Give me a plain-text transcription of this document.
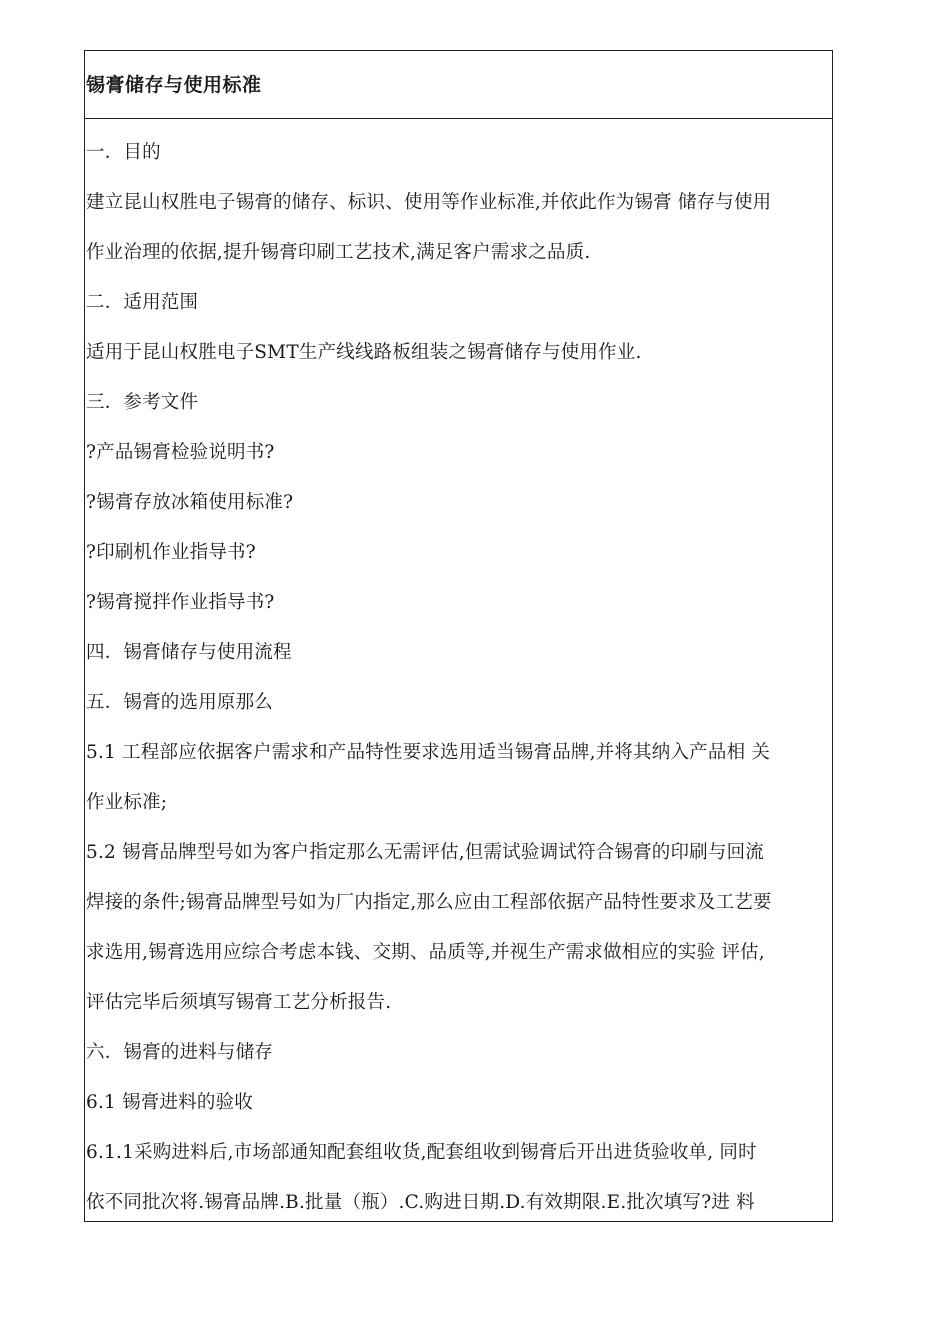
锡膏储存与使用标准
一．目的
建立昆山权胜电子锡膏的储存、标识、使用等作业标准,并依此作为锡膏 储存与使用
作业治理的依据,提升锡膏印刷工艺技术,满足客户需求之品质.
二．适用范围
适用于昆山权胜电子SMT生产线线路板组装之锡膏储存与使用作业.
三．参考文件
?产品锡膏检验说明书?
?锡膏存放冰箱使用标准?
?印刷机作业指导书?
?锡膏搅拌作业指导书?
四．锡膏储存与使用流程
五．锡膏的选用原那么
5.1 工程部应依据客户需求和产品特性要求选用适当锡膏品牌,并将其纳入产品相 关
作业标准;
5.2 锡膏品牌型号如为客户指定那么无需评估,但需试验调试符合锡膏的印刷与回流
焊接的条件;锡膏品牌型号如为厂内指定,那么应由工程部依据产品特性要求及工艺要
求选用,锡膏选用应综合考虑本钱、交期、品质等,并视生产需求做相应的实验 评估,
评估完毕后须填写锡膏工艺分析报告.
六．锡膏的进料与储存
6.1 锡膏进料的验收
6.1.1采购进料后,市场部通知配套组收货,配套组收到锡膏后开出进货验收单, 同时
依不同批次将.锡膏品牌.B.批量（瓶）.C.购进日期.D.有效期限.E.批次填写?进 料
